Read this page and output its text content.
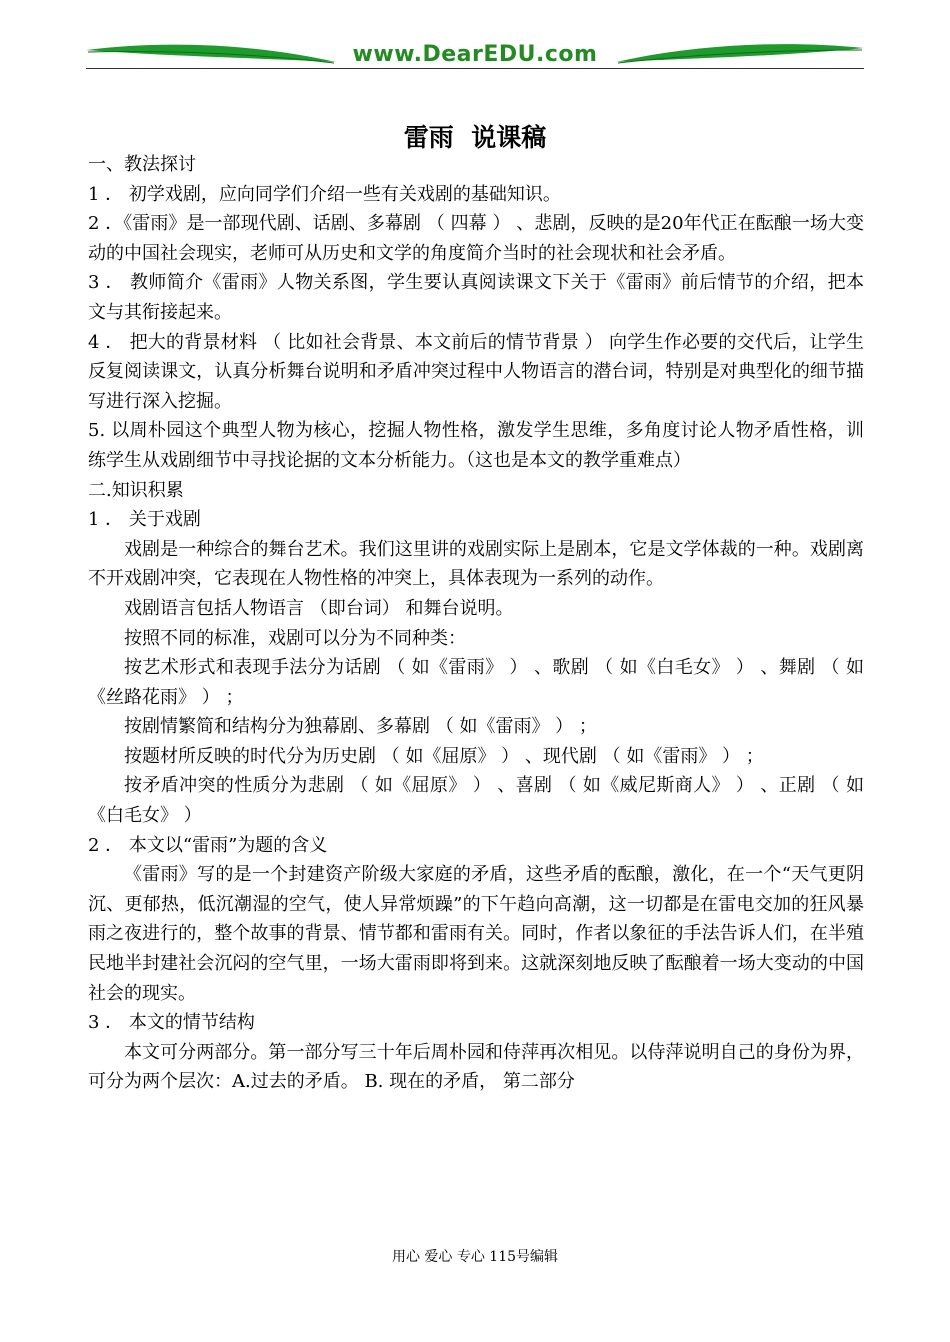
www.DearEDU.com
雷雨  说课稿

一、教法探讨

1 ． 初学戏剧，应向同学们介绍一些有关戏剧的基础知识。

2 ．《雷雨》是一部现代剧、话剧、多幕剧 （ 四幕 ） 、悲剧，反映的是20年代正在酝酿一场大变动的中国社会现实，老师可从历史和文学的角度简介当时的社会现状和社会矛盾。

3 ． 教师简介《雷雨》人物关系图，学生要认真阅读课文下关于《雷雨》前后情节的介绍，把本文与其衔接起来。

4 ． 把大的背景材料 （ 比如社会背景、本文前后的情节背景 ） 向学生作必要的交代后，让学生反复阅读课文，认真分析舞台说明和矛盾冲突过程中人物语言的潜台词，特别是对典型化的细节描写进行深入挖掘。

5. 以周朴园这个典型人物为核心，挖掘人物性格，激发学生思维，多角度讨论人物矛盾性格，训练学生从戏剧细节中寻找论据的文本分析能力。（这也是本文的教学重难点）

二.知识积累

1 ． 关于戏剧

戏剧是一种综合的舞台艺术。我们这里讲的戏剧实际上是剧本，它是文学体裁的一种。戏剧离不开戏剧冲突，它表现在人物性格的冲突上，具体表现为一系列的动作。

戏剧语言包括人物语言 （即台词） 和舞台说明。

按照不同的标准，戏剧可以分为不同种类：

按艺术形式和表现手法分为话剧 （ 如《雷雨》 ） 、歌剧 （ 如《白毛女》 ） 、舞剧 （ 如《丝路花雨》 ） ；

按剧情繁简和结构分为独幕剧、多幕剧 （ 如《雷雨》 ） ；

按题材所反映的时代分为历史剧 （ 如《屈原》 ） 、现代剧 （ 如《雷雨》 ） ；

按矛盾冲突的性质分为悲剧 （ 如《屈原》 ） 、喜剧 （ 如《威尼斯商人》 ） 、正剧 （ 如《白毛女》 ）

2 ． 本文以“雷雨”为题的含义

《雷雨》写的是一个封建资产阶级大家庭的矛盾，这些矛盾的酝酿，激化，在一个“天气更阴沉、更郁热，低沉潮湿的空气，使人异常烦躁”的下午趋向高潮，这一切都是在雷电交加的狂风暴雨之夜进行的，整个故事的背景、情节都和雷雨有关。同时，作者以象征的手法告诉人们，在半殖民地半封建社会沉闷的空气里，一场大雷雨即将到来。这就深刻地反映了酝酿着一场大变动的中国社会的现实。

3 ． 本文的情节结构

本文可分两部分。第一部分写三十年后周朴园和侍萍再次相见。以侍萍说明自己的身份为界，可分为两个层次：A.过去的矛盾。 B. 现在的矛盾， 第二部分

用心 爱心 专心 115号编辑
